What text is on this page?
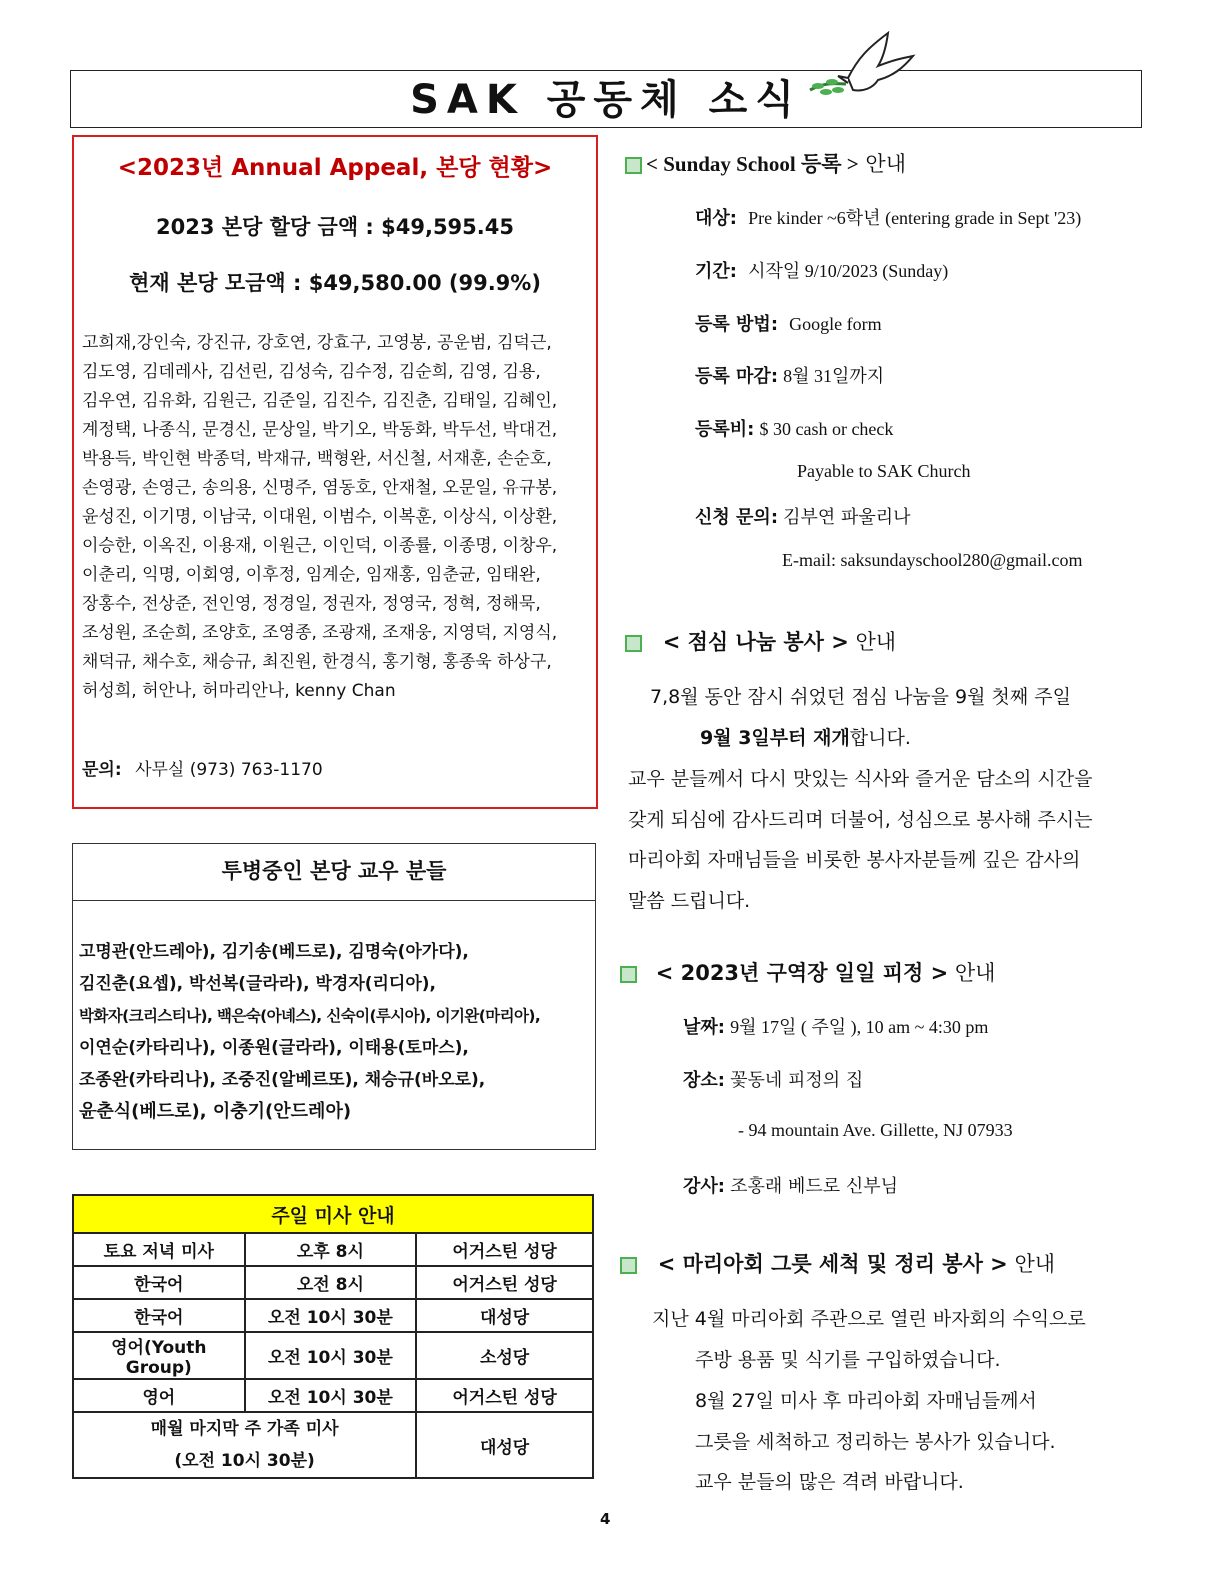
SAK 공동체 소식
<2023년 Annual Appeal, 본당 현황>
2023 본당 할당 금액 : $49,595.45
현재 본당 모금액 : $49,580.00 (99.9%)
고희재,강인숙, 강진규, 강호연, 강효구, 고영봉, 공운범, 김덕근,
김도영, 김데레사, 김선린, 김성숙, 김수정, 김순희, 김영, 김용,
김우연, 김유화, 김원근, 김준일, 김진수, 김진춘, 김태일, 김혜인,
계정택, 나종식, 문경신, 문상일, 박기오, 박동화, 박두선, 박대건,
박용득, 박인현 박종덕, 박재규, 백형완, 서신철, 서재훈, 손순호,
손영광, 손영근, 송의용, 신명주, 염동호, 안재철, 오문일, 유규봉,
윤성진, 이기명, 이남국, 이대원, 이범수, 이복훈, 이상식, 이상환,
이승한, 이옥진, 이용재, 이원근, 이인덕, 이종률, 이종명, 이창우,
이춘리, 익명, 이회영, 이후정, 임계순, 임재홍, 임춘균, 임태완,
장홍수, 전상준, 전인영, 정경일, 정권자, 정영국, 정혁, 정해묵,
조성원, 조순희, 조양호, 조영종, 조광재, 조재웅, 지영덕, 지영식,
채덕규, 채수호, 채승규, 최진원, 한경식, 홍기형, 홍종욱 하상구,
허성희, 허안나, 허마리안나, kenny Chan
문의: 사무실 (973) 763-1170
투병중인 본당 교우 분들
고명관(안드레아), 김기송(베드로), 김명숙(아가다),
김진춘(요셉), 박선복(글라라), 박경자(리디아),
박화자(크리스티나), 백은숙(아녜스), 신숙이(루시아), 이기완(마리아),
이연순(카타리나), 이종원(글라라), 이태용(토마스),
조종완(카타리나), 조중진(알베르또), 채승규(바오로),
윤춘식(베드로), 이충기(안드레아)
주일 미사 안내		
토요 저녁 미사	오후 8시	어거스틴 성당
한국어	오전 8시	어거스틴 성당
한국어	오전 10시 30분	대성당
영어(Youth Group)	오전 10시 30분	소성당
영어	오전 10시 30분	어거스틴 성당

매월 마지막 주 가족 미사
(오전 10시 30분)		대성당
< Sunday School 등록 > 안내
대상: Pre kinder ~6학년 (entering grade in Sept '23)
기간: 시작일 9/10/2023 (Sunday)
등록 방법: Google form
등록 마감: 8월 31일까지
등록비: $ 30 cash or check
Payable to SAK Church
신청 문의: 김부연 파울리나
E-mail: saksundayschool280@gmail.com
< 점심 나눔 봉사 > 안내
7,8월 동안 잠시 쉬었던 점심 나눔을 9월 첫째 주일
9월 3일부터 재개합니다.
교우 분들께서 다시 맛있는 식사와 즐거운 담소의 시간을
갖게 되심에 감사드리며 더불어, 성심으로 봉사해 주시는
마리아회 자매님들을 비롯한 봉사자분들께 깊은 감사의
말씀 드립니다.
< 2023년 구역장 일일 피정 > 안내
날짜: 9월 17일 ( 주일 ), 10 am ~ 4:30 pm
장소: 꽃동네 피정의 집
- 94 mountain Ave. Gillette, NJ 07933
강사: 조홍래 베드로 신부님
< 마리아회 그릇 세척 및 정리 봉사 > 안내
지난 4월 마리아회 주관으로 열린 바자회의 수익으로
주방 용품 및 식기를 구입하였습니다.
8월 27일 미사 후 마리아회 자매님들께서
그릇을 세척하고 정리하는 봉사가 있습니다.
교우 분들의 많은 격려 바랍니다.
4
